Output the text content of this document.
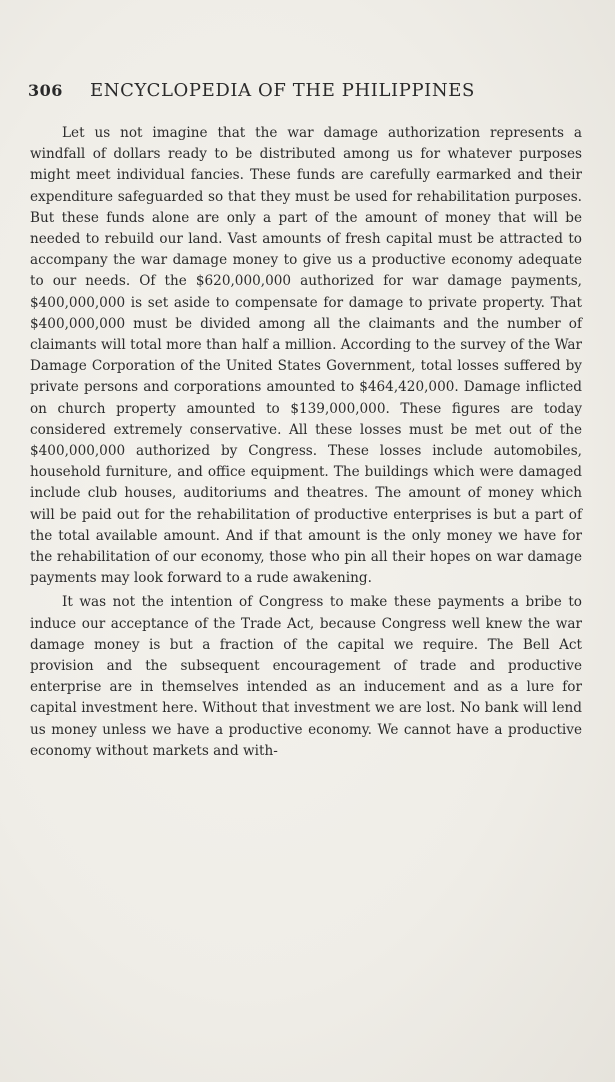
306 ENCYCLOPEDIA OF THE PHILIPPINES

Let us not imagine that the war damage authorization represents a windfall of dollars ready to be distributed among us for whatever purposes might meet individual fancies. These funds are carefully earmarked and their expenditure safeguarded so that they must be used for rehabilitation purposes. But these funds alone are only a part of the amount of money that will be needed to rebuild our land. Vast amounts of fresh capital must be attracted to accompany the war damage money to give us a productive economy adequate to our needs. Of the $620,000,000 authorized for war damage payments, $400,000,000 is set aside to compensate for damage to private property. That $400,000,000 must be divided among all the claimants and the number of claimants will total more than half a million. According to the survey of the War Damage Corporation of the United States Government, total losses suffered by private persons and corporations amounted to $464,420,000. Damage inflicted on church property amounted to $139,000,000. These figures are today considered extremely conservative. All these losses must be met out of the $400,000,000 authorized by Congress. These losses include automobiles, household furniture, and office equipment. The buildings which were damaged include club houses, auditoriums and theatres. The amount of money which will be paid out for the rehabilitation of productive enterprises is but a part of the total available amount. And if that amount is the only money we have for the rehabilitation of our economy, those who pin all their hopes on war damage payments may look forward to a rude awakening.

It was not the intention of Congress to make these payments a bribe to induce our acceptance of the Trade Act, because Congress well knew the war damage money is but a fraction of the capital we require. The Bell Act provision and the subsequent encouragement of trade and productive enterprise are in themselves intended as an inducement and as a lure for capital investment here. Without that investment we are lost. No bank will lend us money unless we have a productive economy. We cannot have a productive economy without markets and with-
